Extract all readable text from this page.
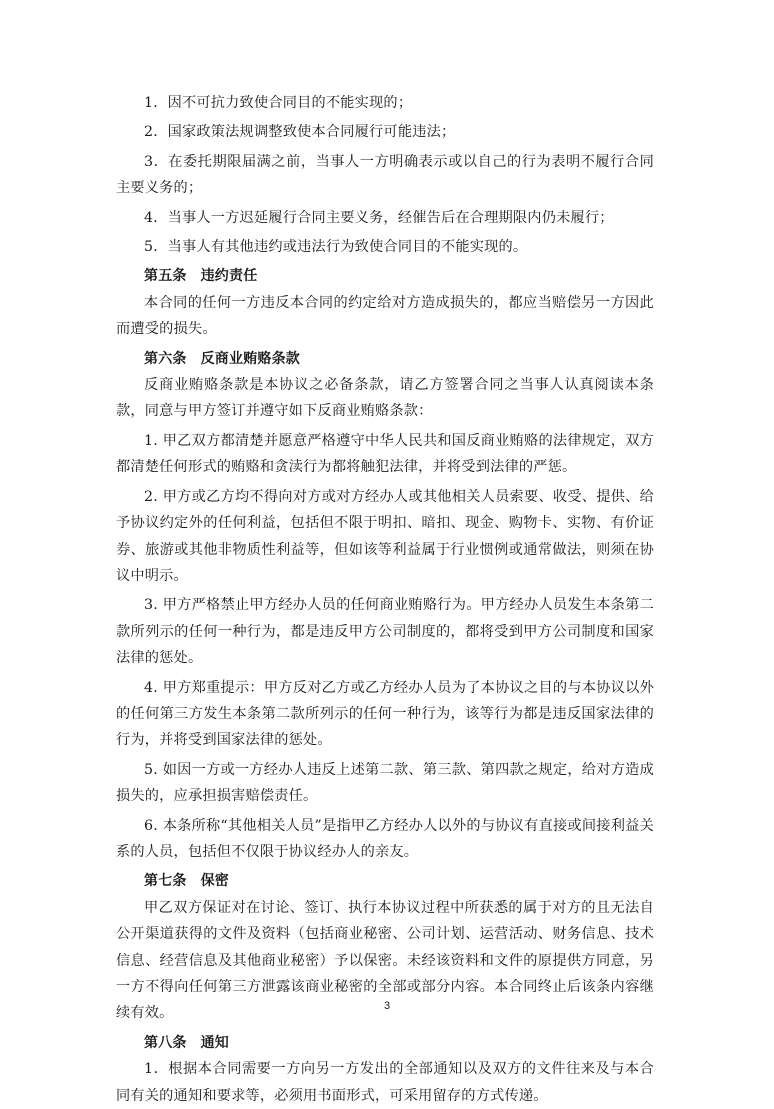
1．因不可抗力致使合同目的不能实现的；

2．国家政策法规调整致使本合同履行可能违法；

3．在委托期限届满之前，当事人一方明确表示或以自己的行为表明不履行合同主要义务的；

4．当事人一方迟延履行合同主要义务，经催告后在合理期限内仍未履行；

5．当事人有其他违约或违法行为致使合同目的不能实现的。

第五条 违约责任

本合同的任何一方违反本合同的约定给对方造成损失的，都应当赔偿另一方因此而遭受的损失。

第六条 反商业贿赂条款

反商业贿赂条款是本协议之必备条款，请乙方签署合同之当事人认真阅读本条款，同意与甲方签订并遵守如下反商业贿赂条款：

1. 甲乙双方都清楚并愿意严格遵守中华人民共和国反商业贿赂的法律规定，双方都清楚任何形式的贿赂和贪渎行为都将触犯法律，并将受到法律的严惩。

2. 甲方或乙方均不得向对方或对方经办人或其他相关人员索要、收受、提供、给予协议约定外的任何利益，包括但不限于明扣、暗扣、现金、购物卡、实物、有价证券、旅游或其他非物质性利益等，但如该等利益属于行业惯例或通常做法，则须在协议中明示。

3. 甲方严格禁止甲方经办人员的任何商业贿赂行为。甲方经办人员发生本条第二款所列示的任何一种行为，都是违反甲方公司制度的，都将受到甲方公司制度和国家法律的惩处。

4. 甲方郑重提示：甲方反对乙方或乙方经办人员为了本协议之目的与本协议以外的任何第三方发生本条第二款所列示的任何一种行为，该等行为都是违反国家法律的行为，并将受到国家法律的惩处。

5. 如因一方或一方经办人违反上述第二款、第三款、第四款之规定，给对方造成损失的，应承担损害赔偿责任。

6. 本条所称“其他相关人员”是指甲乙方经办人以外的与协议有直接或间接利益关系的人员，包括但不仅限于协议经办人的亲友。

第七条 保密

甲乙双方保证对在讨论、签订、执行本协议过程中所获悉的属于对方的且无法自公开渠道获得的文件及资料（包括商业秘密、公司计划、运营活动、财务信息、技术信息、经营信息及其他商业秘密）予以保密。未经该资料和文件的原提供方同意，另一方不得向任何第三方泄露该商业秘密的全部或部分内容。本合同终止后该条内容继续有效。

第八条 通知

1．根据本合同需要一方向另一方发出的全部通知以及双方的文件往来及与本合同有关的通知和要求等，必须用书面形式，可采用留存的方式传递。

3
